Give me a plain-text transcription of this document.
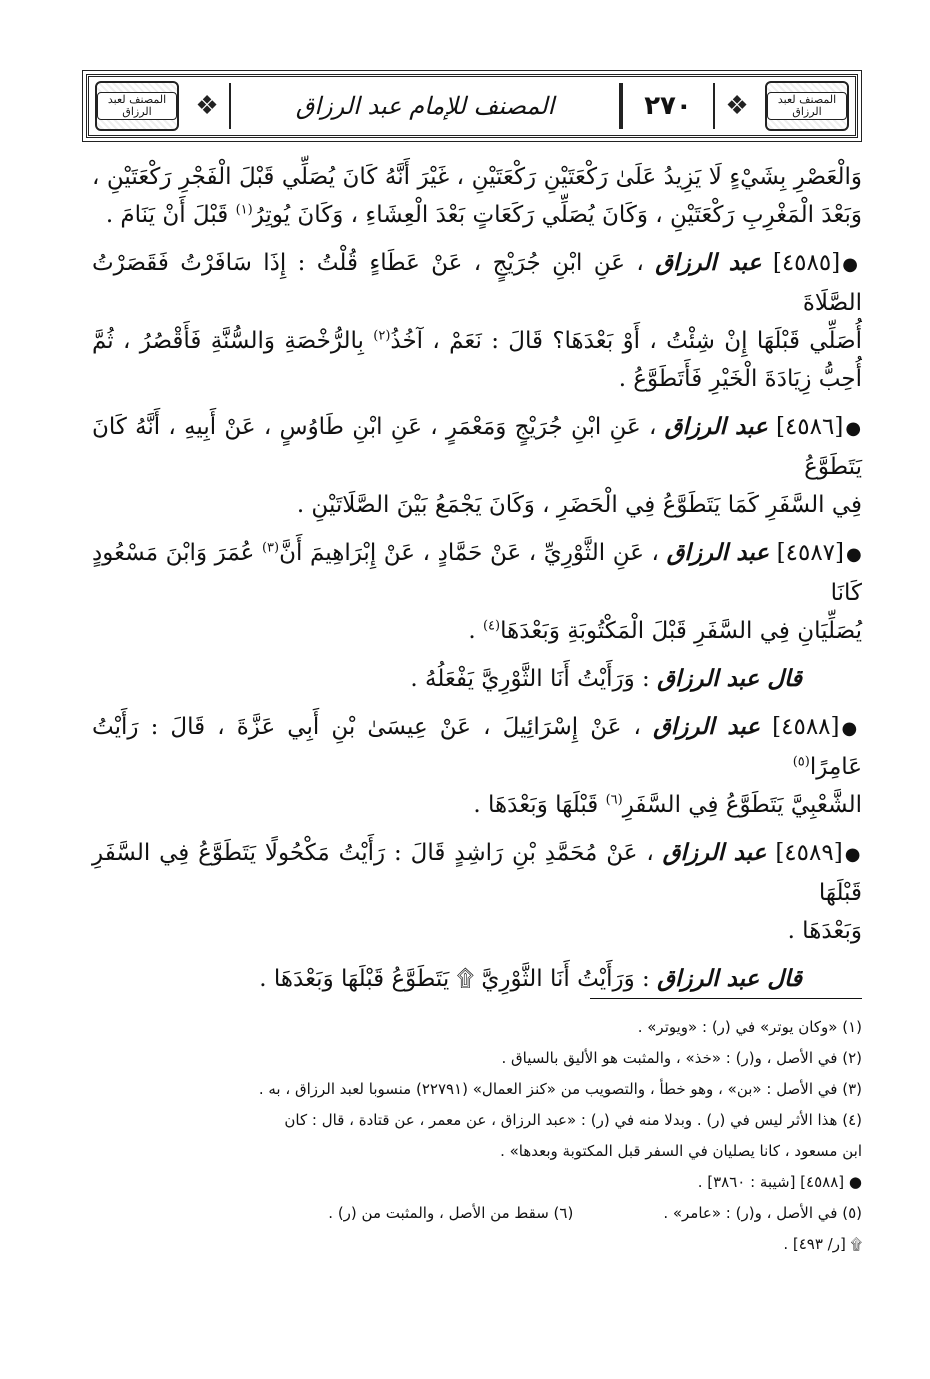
المصنف لعبد الرزاق	❖	المصنف للإمام عبد الرزاق	٢٧٠	❖	المصنف لعبد الرزاق

وَالْعَصْرِ بِشَيْءٍ لَا يَزِيدُ عَلَىٰ رَكْعَتَيْنِ رَكْعَتَيْنِ ، غَيْرَ أَنَّهُ كَانَ يُصَلِّي قَبْلَ الْفَجْرِ رَكْعَتَيْنِ ،
وَبَعْدَ الْمَغْرِبِ رَكْعَتَيْنِ ، وَكَانَ يُصَلِّي رَكَعَاتٍ بَعْدَ الْعِشَاءِ ، وَكَانَ يُوتِرُ$^{(١)}$ قَبْلَ أَنْ يَنَامَ .

●[٤٥٨٥] عبد الرزاق ، عَنِ ابْنِ جُرَيْجٍ ، عَنْ عَطَاءٍ قُلْتُ : إِذَا سَافَرْتُ فَقَصَرْتُ الصَّلَاةَ
أُصَلِّي قَبْلَهَا إِنْ شِئْتُ ، أَوْ بَعْدَهَا؟ قَالَ : نَعَمْ ، آخُذُ$^{(٢)}$ بِالرُّخْصَةِ وَالسُّنَّةِ فَأَقْصُرُ ، ثُمَّ
أُحِبُّ زِيَادَةَ الْخَيْرِ فَأَتَطَوَّعُ .

●[٤٥٨٦] عبد الرزاق ، عَنِ ابْنِ جُرَيْجٍ وَمَعْمَرٍ ، عَنِ ابْنِ طَاوُسٍ ، عَنْ أَبِيهِ ، أَنَّهُ كَانَ يَتَطَوَّعُ
فِي السَّفَرِ كَمَا يَتَطَوَّعُ فِي الْحَضَرِ ، وَكَانَ يَجْمَعُ بَيْنَ الصَّلَاتَيْنِ .

●[٤٥٨٧] عبد الرزاق ، عَنِ الثَّوْرِيِّ ، عَنْ حَمَّادٍ ، عَنْ إِبْرَاهِيمَ أَنَّ$^{(٣)}$ عُمَرَ وَابْنَ مَسْعُودٍ كَانَا
يُصَلِّيَانِ فِي السَّفَرِ قَبْلَ الْمَكْتُوبَةِ وَبَعْدَهَا$^{(٤)}$ .

قال عبد الرزاق : وَرَأَيْتُ أَنَا الثَّوْرِيَّ يَفْعَلُهُ .

●[٤٥٨٨] عبد الرزاق ، عَنْ إِسْرَائِيلَ ، عَنْ عِيسَىٰ بْنِ أَبِي عَزَّةَ ، قَالَ : رَأَيْتُ عَامِرًا$^{(٥)}$
الشَّعْبِيَّ يَتَطَوَّعُ فِي السَّفَرِ$^{(٦)}$ قَبْلَهَا وَبَعْدَهَا .

●[٤٥٨٩] عبد الرزاق ، عَنْ مُحَمَّدِ بْنِ رَاشِدٍ قَالَ : رَأَيْتُ مَكْحُولًا يَتَطَوَّعُ فِي السَّفَرِ قَبْلَهَا
وَبَعْدَهَا .

قال عبد الرزاق : وَرَأَيْتُ أَنَا الثَّوْرِيَّ ۩ يَتَطَوَّعُ قَبْلَهَا وَبَعْدَهَا .

(١) «وكان يوتر» في (ر) : «ويوتر» .
(٢) في الأصل ، و(ر) : «خذ» ، والمثبت هو الأليق بالسياق .
(٣) في الأصل : «بن» ، وهو خطأ ، والتصويب من «كنز العمال» (٢٢٧٩١) منسوبا لعبد الرزاق ، به .
(٤) هذا الأثر ليس في (ر) . وبدلا منه في (ر) : «عبد الرزاق ، عن معمر ، عن قتادة ، قال : كان
ابن مسعود ، كانا يصليان في السفر قبل المكتوبة وبعدها» .
● [٤٥٨٨] [شيبة : ٣٨٦٠] .
(٥) في الأصل ، و(ر) : «عامر» .
(٦) سقط من الأصل ، والمثبت من (ر) .
۩ [ر/ ٤٩٣] .
